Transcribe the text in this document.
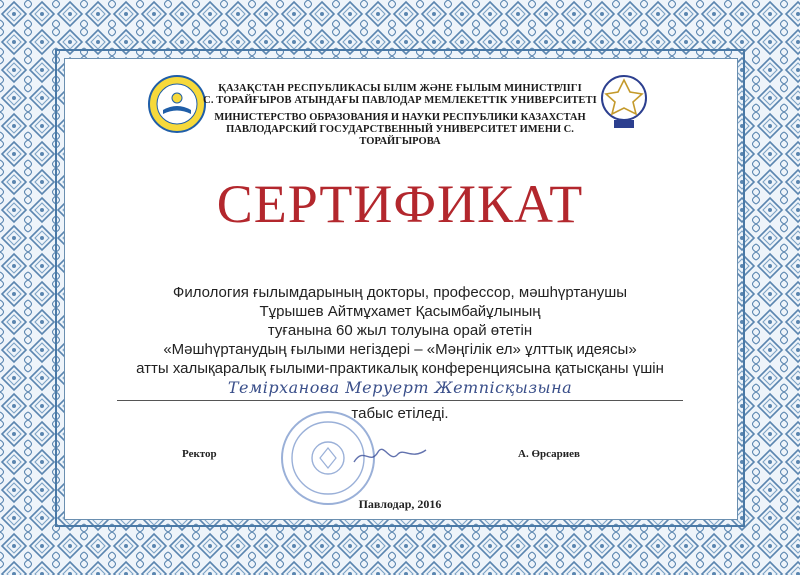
ҚАЗАҚСТАН РЕСПУБЛИКАСЫ БІЛІМ ЖӘНЕ ҒЫЛЫМ МИНИСТРЛІГІ
С. ТОРАЙҒЫРОВ АТЫНДАҒЫ ПАВЛОДАР МЕМЛЕКЕТТІК УНИВЕРСИТЕТІ
МИНИСТЕРСТВО ОБРАЗОВАНИЯ И НАУКИ РЕСПУБЛИКИ КАЗАХСТАН
ПАВЛОДАРСКИЙ ГОСУДАРСТВЕННЫЙ УНИВЕРСИТЕТ ИМЕНИ С. ТОРАЙГЫРОВА
СЕРТИФИКАТ
Филология ғылымдарының докторы, профессор, мәшһүртанушы
Тұрышев Айтмұхамет Қасымбайұлының
туғанына 60 жыл толуына орай өтетін
«Мәшһүртанудың ғылыми негіздері – «Мәңгілік ел» ұлттық идеясы»
атты халықаралық ғылыми-практикалық конференциясына қатысқаны үшін
Темірханова Меруерт Жетпісқызына
табыс етіледі.
Ректор	А. Өрсариев
Павлодар, 2016
